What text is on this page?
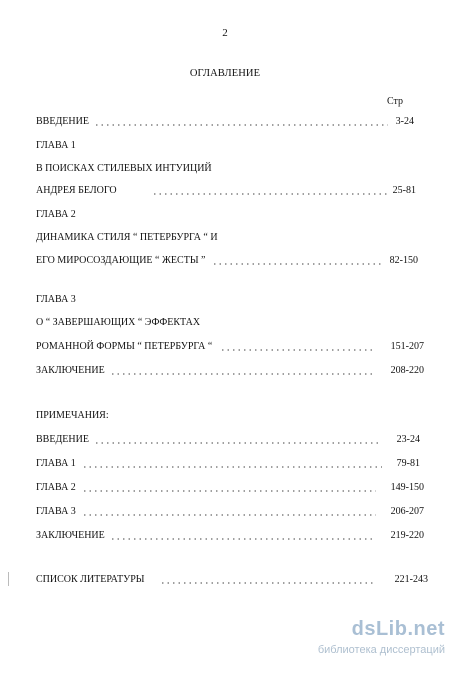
2
ОГЛАВЛЕНИЕ
Стр
ВВЕДЕНИЕ	3-24
ГЛАВА 1
В ПОИСКАХ СТИЛЕВЫХ ИНТУИЦИЙ
АНДРЕЯ БЕЛОГО	25-81
ГЛАВА 2
ДИНАМИКА СТИЛЯ “ ПЕТЕРБУРГА “ И
ЕГО МИРОСОЗДАЮЩИЕ “ ЖЕСТЫ ”	82-150
ГЛАВА 3
О “ ЗАВЕРШАЮЩИХ “ ЭФФЕКТАХ
РОМАННОЙ ФОРМЫ “ ПЕТЕРБУРГА “	151-207
ЗАКЛЮЧЕНИЕ	208-220
ПРИМЕЧАНИЯ:
ВВЕДЕНИЕ	23-24
ГЛАВА 1	79-81
ГЛАВА 2	149-150
ГЛАВА 3	206-207
ЗАКЛЮЧЕНИЕ	219-220
СПИСОК ЛИТЕРАТУРЫ	221-243
dsLib.net
библиотека диссертаций
